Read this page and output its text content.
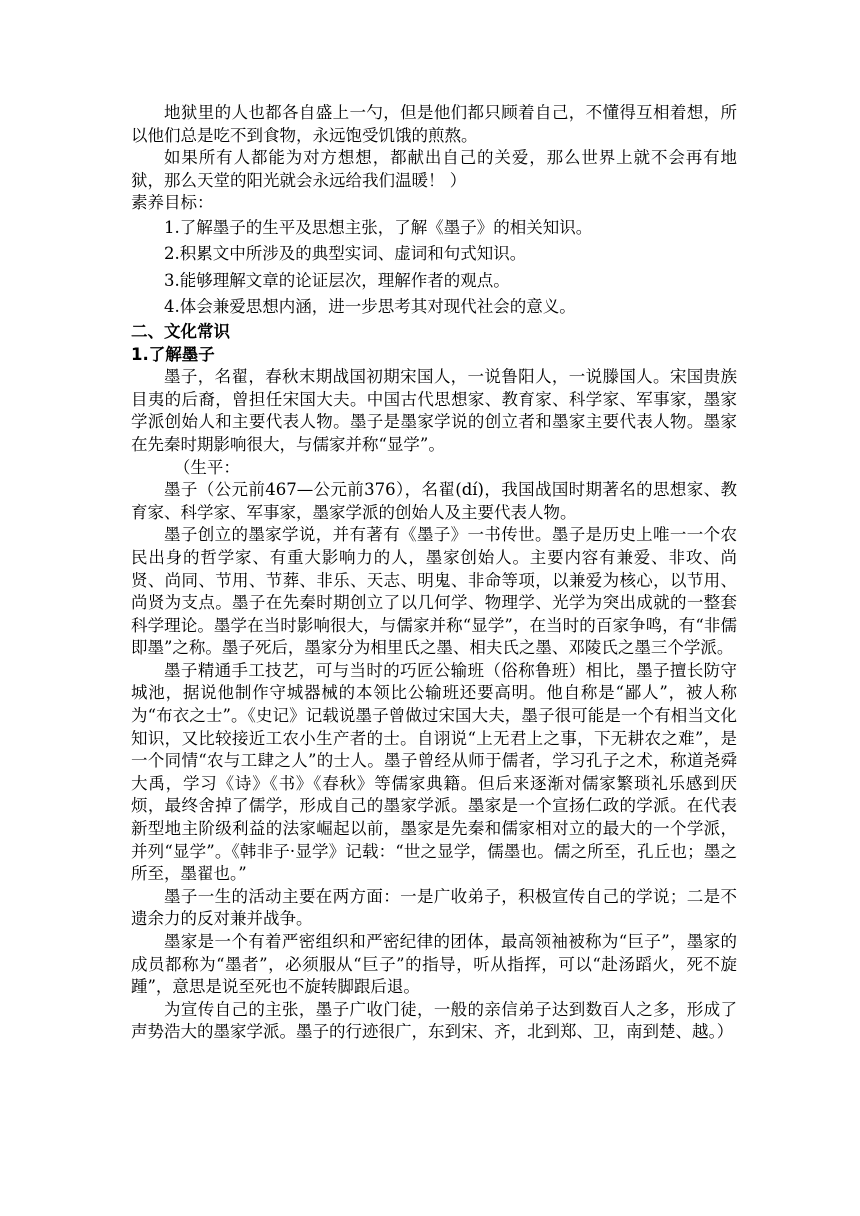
地狱里的人也都各自盛上一勺，但是他们都只顾着自己，不懂得互相着想，所以他们总是吃不到食物，永远饱受饥饿的煎熬。

如果所有人都能为对方想想，都献出自己的关爱，那么世界上就不会再有地狱，那么天堂的阳光就会永远给我们温暖！ ）

素养目标：

1.了解墨子的生平及思想主张，了解《墨子》的相关知识。

2.积累文中所涉及的典型实词、虚词和句式知识。

3.能够理解文章的论证层次，理解作者的观点。

4.体会兼爱思想内涵，进一步思考其对现代社会的意义。

二、文化常识

1.了解墨子

墨子，名翟，春秋末期战国初期宋国人，一说鲁阳人，一说滕国人。宋国贵族目夷的后裔，曾担任宋国大夫。中国古代思想家、教育家、科学家、军事家，墨家学派创始人和主要代表人物。墨子是墨家学说的创立者和墨家主要代表人物。墨家在先秦时期影响很大，与儒家并称“显学”。

（生平：

墨子（公元前467—公元前376），名翟(dí)，我国战国时期著名的思想家、教育家、科学家、军事家，墨家学派的创始人及主要代表人物。

墨子创立的墨家学说，并有著有《墨子》一书传世。墨子是历史上唯一一个农民出身的哲学家、有重大影响力的人，墨家创始人。主要内容有兼爱、非攻、尚贤、尚同、节用、节葬、非乐、天志、明鬼、非命等项，以兼爱为核心，以节用、尚贤为支点。墨子在先秦时期创立了以几何学、物理学、光学为突出成就的一整套科学理论。墨学在当时影响很大，与儒家并称“显学”，在当时的百家争鸣，有“非儒即墨”之称。墨子死后，墨家分为相里氏之墨、相夫氏之墨、邓陵氏之墨三个学派。

墨子精通手工技艺，可与当时的巧匠公输班（俗称鲁班）相比，墨子擅长防守城池，据说他制作守城器械的本领比公输班还要高明。他自称是“鄙人”，被人称为“布衣之士”。《史记》记载说墨子曾做过宋国大夫，墨子很可能是一个有相当文化知识，又比较接近工农小生产者的士。自诩说“上无君上之事，下无耕农之难”，是一个同情“农与工肆之人”的士人。墨子曾经从师于儒者，学习孔子之术，称道尧舜大禹，学习《诗》《书》《春秋》等儒家典籍。但后来逐渐对儒家繁琐礼乐感到厌烦，最终舍掉了儒学，形成自己的墨家学派。墨家是一个宣扬仁政的学派。在代表新型地主阶级利益的法家崛起以前，墨家是先秦和儒家相对立的最大的一个学派，并列“显学”。《韩非子·显学》记载：“世之显学，儒墨也。儒之所至，孔丘也；墨之所至，墨翟也。”

墨子一生的活动主要在两方面：一是广收弟子，积极宣传自己的学说；二是不遗余力的反对兼并战争。

墨家是一个有着严密组织和严密纪律的团体，最高领袖被称为“巨子”，墨家的成员都称为“墨者”，必须服从“巨子”的指导，听从指挥，可以“赴汤蹈火，死不旋踵”，意思是说至死也不旋转脚跟后退。

为宣传自己的主张，墨子广收门徒，一般的亲信弟子达到数百人之多，形成了声势浩大的墨家学派。墨子的行迹很广，东到宋、齐，北到郑、卫，南到楚、越。）
